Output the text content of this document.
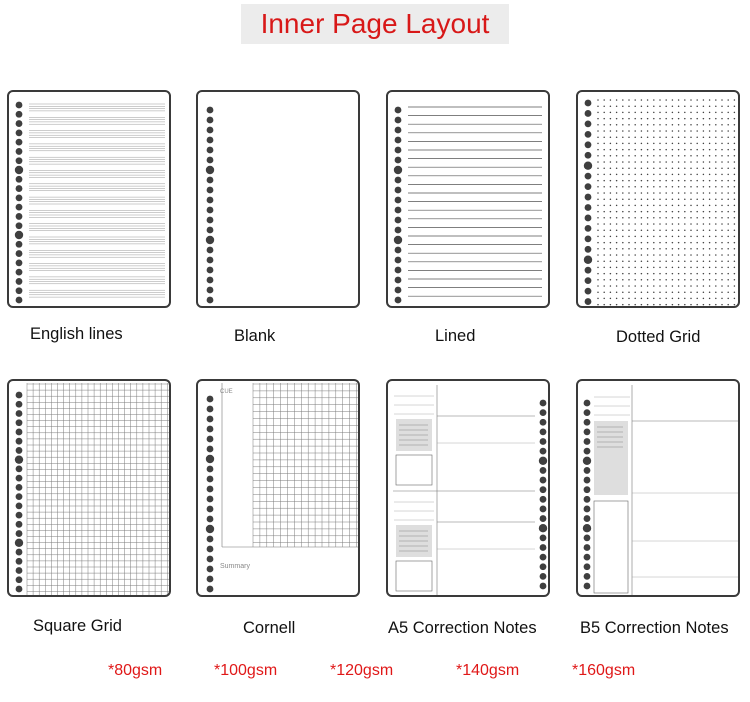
Inner Page Layout
English lines	Blank	Lined	Dotted Grid
CUE
Summary
Square Grid	Cornell	A5 Correction Notes	B5 Correction Notes
*80gsm	*100gsm	*120gsm	*140gsm	*160gsm
